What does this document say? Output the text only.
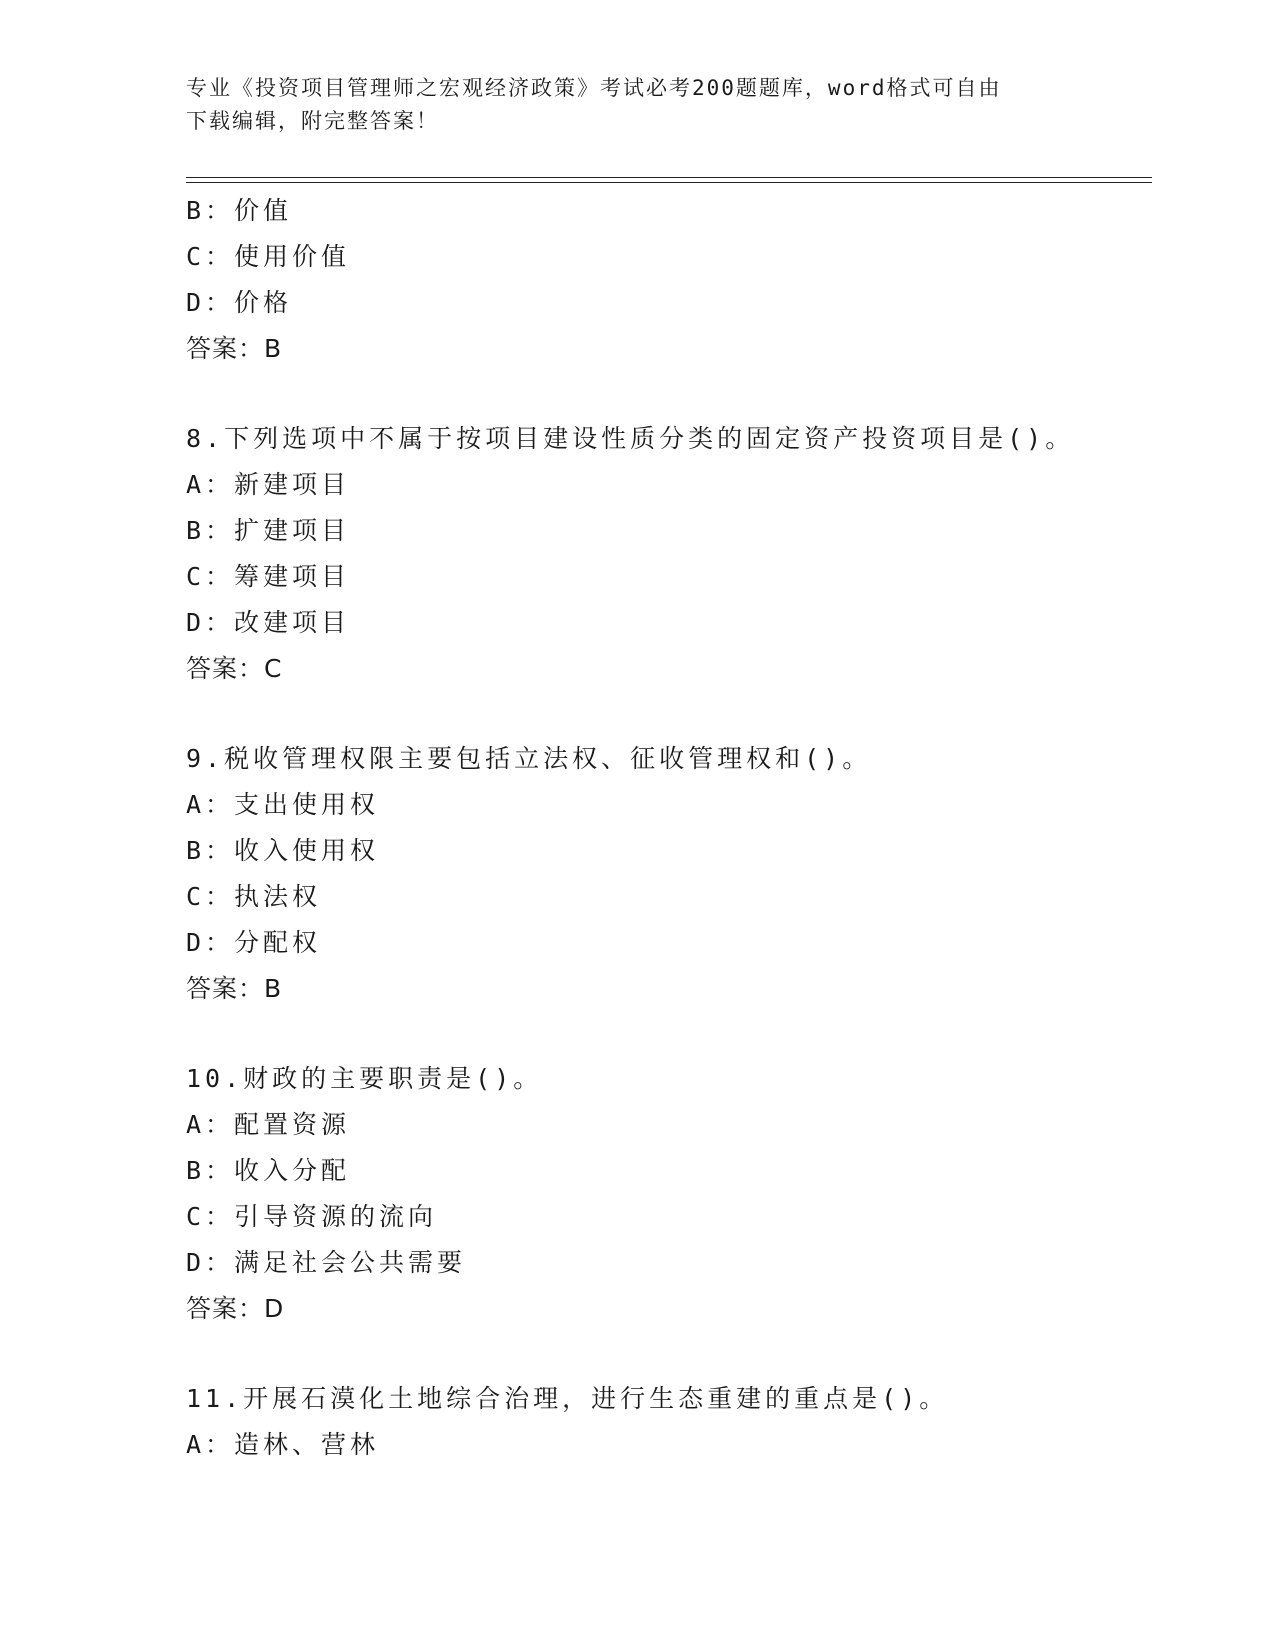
专业《投资项目管理师之宏观经济政策》考试必考200题题库，word格式可自由
下载编辑，附完整答案！
B：价值
C：使用价值
D：价格
答案：B
8.下列选项中不属于按项目建设性质分类的固定资产投资项目是()。
A：新建项目
B：扩建项目
C：筹建项目
D：改建项目
答案：C
9.税收管理权限主要包括立法权、征收管理权和()。
A：支出使用权
B：收入使用权
C：执法权
D：分配权
答案：B
10.财政的主要职责是()。
A：配置资源
B：收入分配
C：引导资源的流向
D：满足社会公共需要
答案：D
11.开展石漠化土地综合治理，进行生态重建的重点是()。
A：造林、营林
